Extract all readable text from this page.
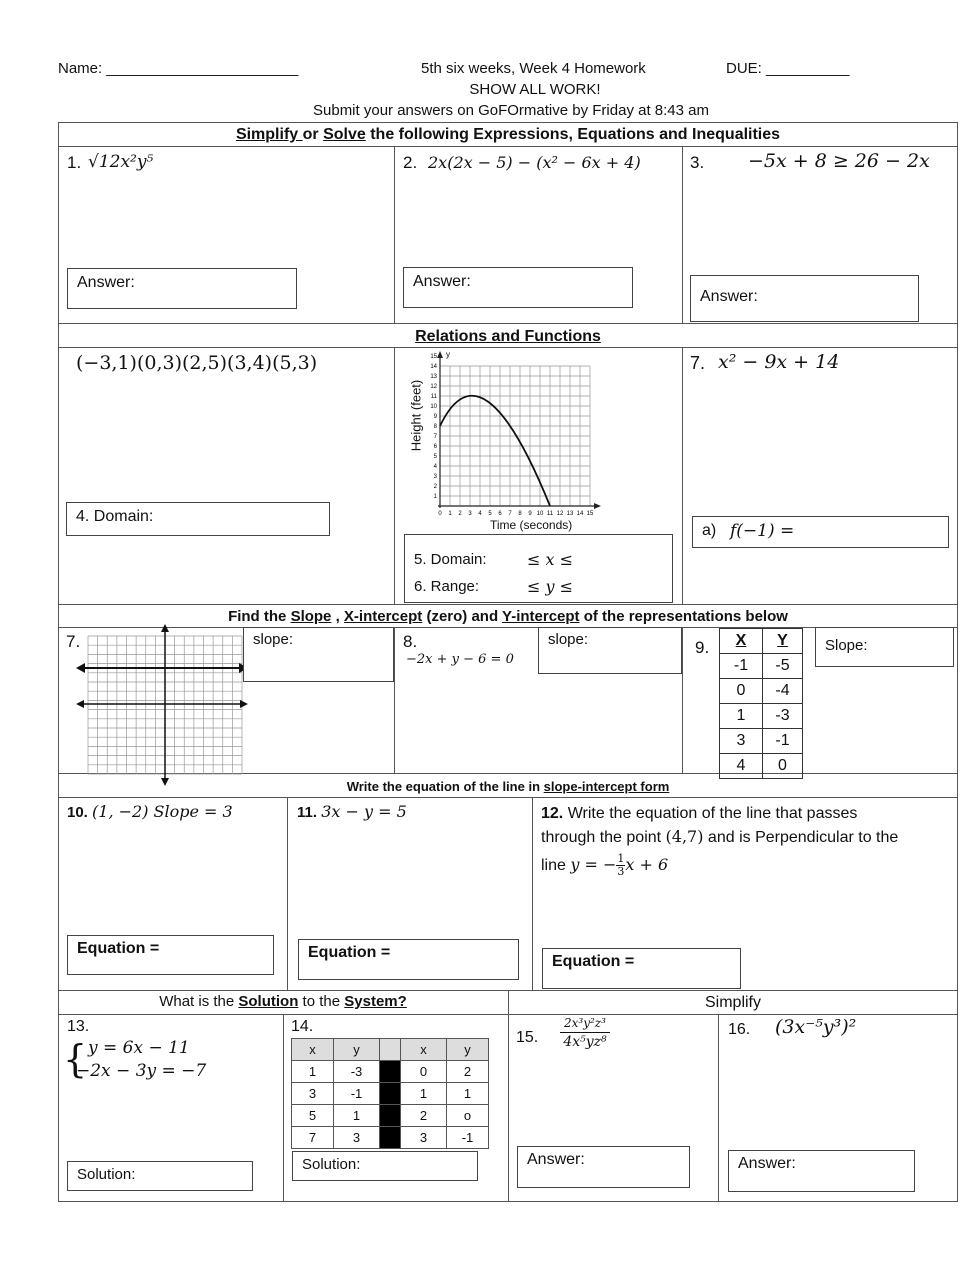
Name: _______________________	5th six weeks, Week 4 Homework	DUE: __________
SHOW ALL WORK!
Submit your answers on GoFOrmative by Friday at 8:43 am
Simplify or Solve the following Expressions, Equations and Inequalities
1. √12x²y⁵
Answer:
2. 2x(2x − 5) − (x² − 6x + 4)
Answer:
3. −5x + 8 ≥ 26 − 2x
Answer:
Relations and Functions
(−3,1)(0,3)(2,5)(3,4)(5,3)
4. Domain:
Height (feet)
y
1
2
3
4
5
6
7
8
9
10
11
12
13
14
15
0 1 2 3 4 5 6 7 8 9 10 11 12 13 14 15
Time (seconds)
5. Domain:	≤ x ≤
6. Range:	≤ y ≤
7. x² − 9x + 14
a) f(−1) =
Find the Slope , X-intercept (zero) and Y-intercept of the representations below
7.	slope:	8.
−2x + y − 6 = 0
slope:	9. X	Y
-1	-5
0	-4
1	-3
3	-1
4	0
Slope:
Write the equation of the line in slope-intercept form
10. (1, −2) Slope = 3
Equation =
11. 3x − y = 5
Equation =
12. Write the equation of the line that passes
through the point (4,7) and is Perpendicular to the
line y = − $\frac{1}{3}$ x + 6
Equation =
What is the Solution to the System?	Simplify
13.
{ y = 6x − 11
−2x − 3y = −7
Solution:
14.
x	y		x	y
1	-3		0	2
3	-1		1	1
5	1		2	o
7	3		3	-1
Solution:
15.
2x³y²z³
4x⁵yz⁸
Answer:
16. (3x⁻⁵y³)²
Answer:
